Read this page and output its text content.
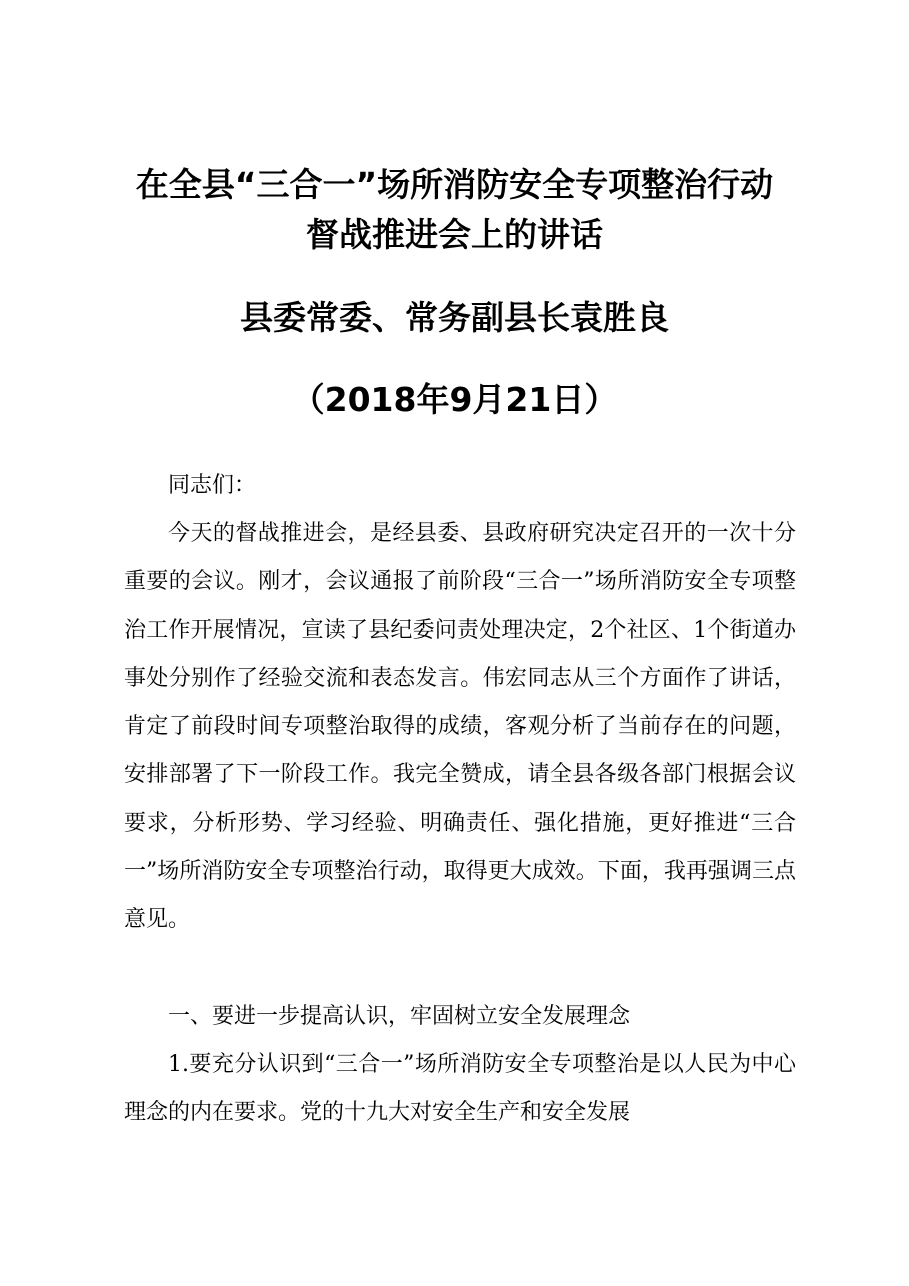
在全县“三合一”场所消防安全专项整治行动
督战推进会上的讲话
县委常委、常务副县长袁胜良
（2018年9月21日）

同志们：

今天的督战推进会，是经县委、县政府研究决定召开的一次十分重要的会议。刚才，会议通报了前阶段“三合一”场所消防安全专项整治工作开展情况，宣读了县纪委问责处理决定，2个社区、1个街道办事处分别作了经验交流和表态发言。伟宏同志从三个方面作了讲话，肯定了前段时间专项整治取得的成绩，客观分析了当前存在的问题，安排部署了下一阶段工作。我完全赞成，请全县各级各部门根据会议要求，分析形势、学习经验、明确责任、强化措施，更好推进“三合一”场所消防安全专项整治行动，取得更大成效。下面，我再强调三点意见。

一、要进一步提高认识，牢固树立安全发展理念

1.要充分认识到“三合一”场所消防安全专项整治是以人民为中心理念的内在要求。党的十九大对安全生产和安全发展
